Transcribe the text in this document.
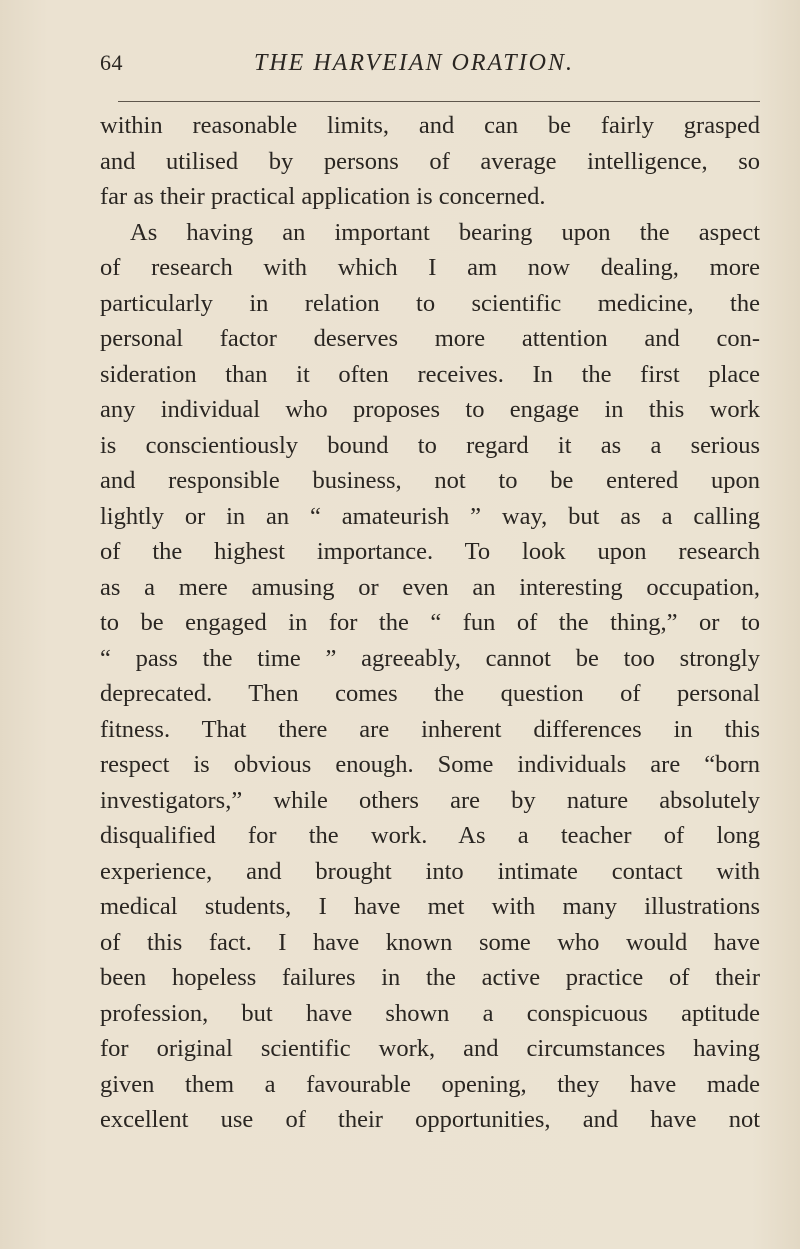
64	THE HARVEIAN ORATION.
within reasonable limits, and can be fairly grasped
and utilised by persons of average intelligence, so
far as their practical application is concerned.
As having an important bearing upon the aspect
of research with which I am now dealing, more
particularly in relation to scientific medicine, the
personal factor deserves more attention and con-
sideration than it often receives. In the first place
any individual who proposes to engage in this work
is conscientiously bound to regard it as a serious
and responsible business, not to be entered upon
lightly or in an “ amateurish ” way, but as a calling
of the highest importance. To look upon research
as a mere amusing or even an interesting occupation,
to be engaged in for the “ fun of the thing,” or to
“ pass the time ” agreeably, cannot be too strongly
deprecated. Then comes the question of personal
fitness. That there are inherent differences in this
respect is obvious enough. Some individuals are “born
investigators,” while others are by nature absolutely
disqualified for the work. As a teacher of long
experience, and brought into intimate contact with
medical students, I have met with many illustrations
of this fact. I have known some who would have
been hopeless failures in the active practice of their
profession, but have shown a conspicuous aptitude
for original scientific work, and circumstances having
given them a favourable opening, they have made
excellent use of their opportunities, and have not
